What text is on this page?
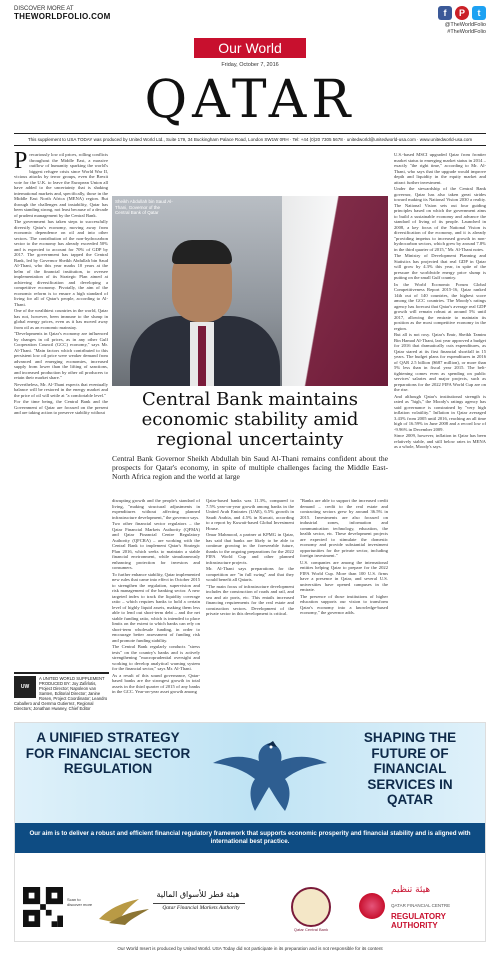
DISCOVER MORE AT
THEWORLDFOLIO.COM	f	P	t
@TheWorldFolio
#TheWorldFolio
Our World
Friday, October 7, 2016
QATAR
This supplement to USA TODAY was produced by United World Ltd., Suite 179, 34 Buckingham Palace Road, London SW1W 0RH · Tel: +44 (0)20 7305 5678 · unitedworld@unitedworld-usa.com · www.unitedworld-usa.com
P recariously low oil prices, rolling conflicts throughout the Middle East, a massive outflow of humanity sparking the world's biggest refugee crisis since World War II, vicious attacks by terror groups, even the Brexit vote for the U.K. to leave the European Union all have added to the uncertainty that is shaking international markets and, specifically, those in the Middle East North Africa (MENA) region. But through the challenges and instability, Qatar has been standing strong, not least because of a decade of prudent management by the Central Bank.

The government has taken steps to successfully diversify Qatar's economy, moving away from economic dependence on oil and into other sectors. The contribution of the non-hydrocarbon sector to the economy has already exceeded 50% and is expected to account for 70% of GDP by 2017. The government has tapped the Central Bank, led by Governor Sheikh Abdullah bin Saud Al-Thani, who this year marks 10 years at the helm of the financial institution, to oversee implementation of its Strategic Plan aimed at achieving diversification and developing a competitive economy. Pivotally, the aim of the economic reform is to ensure a high standard of living for all of Qatar's people, according to Al-Thani.

One of the wealthiest countries in the world, Qatar has not, however, been immune to the slump in global energy prices, even as it has moved away from oil as an economic mainstay.

"Developments in Qatar's economy are influenced by changes in oil prices, as in any other Gulf Cooperation Council (GCC) economy," says Mr. Al-Thani. "Main factors which contributed to this persistent low oil price were weaker demand from advanced and emerging economies, increased supply from lower than the lifting of sanctions, and increased production by other oil producers to retain their market share."

Nevertheless, Mr. Al-Thani expects that eventually balance will be restored in the energy market and the price of oil will settle at "a comfortable level."

For the time being, the Central Bank and the Government of Qatar are focused on the present and are taking action to preserve stability without

Sheikh Abdullah bin Saud Al-Thani, Governor of the Central Bank of Qatar
Central Bank maintains economic stability amid regional uncertainty
Central Bank Governor Sheikh Abdullah bin Saud Al-Thani remains confident about the prospects for Qatar's economy, in spite of multiple challenges facing the Middle East-North Africa region and the world at large

disrupting growth and the people's standard of living, "making structural adjustments in expenditures without affecting planned infrastructure development," the governor says.

Two other financial sector regulators – the Qatar Financial Markets Authority (QFMA) and Qatar Financial Centre Regulatory Authority (QFCRA) – are working with the Central Bank to implement Qatar's Strategic Plan 2016, which seeks to maintain a stable financial environment, while simultaneously enhancing protection for investors and consumers.

To further enhance stability, Qatar implemented new rules that came into effect in October 2015 to strengthen the regulation, supervision and risk management of the banking sector. A new targeted index to track the liquidity coverage ratio – which requires banks to hold a certain level of highly liquid assets, making them less able to lend out short-term debt – and the net stable funding ratio, which is intended to place limits on the extent to which banks can rely on short-term wholesale funding, in order to encourage better assessment of funding risk and promote funding stability.

The Central Bank regularly conducts "stress tests" on the country's banks and is actively strengthening "macroprudential oversight and working to develop analytical warning system for the financial sector," says Mr. Al-Thani.

As a result of this sound governance, Qatar-based banks are the strongest growth in total assets in the third quarter of 2015 of any banks in the GCC. Year-on-year asset growth among

Qatar-based banks was 11.3%, compared to 7.5% year-on-year growth among banks in the United Arab Emirates (UAE), 6.5% growth in Saudi Arabia, and 4.5% in Kuwait, according to a report by Kuwait-based Global Investment House.

Omar Mahmood, a partner at KPMG in Qatar, has said that banks are likely to be able to continue growing in the foreseeable future, thanks to the ongoing preparations for the 2022 FIFA World Cup and other planned infrastructure projects.

Mr. Al-Thani says preparations for the competition are "in full swing" and that they would benefit all Qataris.

"The main focus of infrastructure development includes the construction of roads and rail, and sea and air ports, etc. This entails increased financing requirements for the real estate and construction sectors. Development of the private sector in this development is critical.

"Banks are able to support the increased credit demand – credit to the real estate and contracting sectors grew by around 36.5% in 2015. Investments are also focused on industrial zones, information and communication technology, education, the health sector, etc. These development projects are expected to stimulate the domestic economy and provide substantial investment opportunities for the private sector, including foreign investment."

U.S. companies are among the international entities helping Qatar to prepare for the 2022 FIFA World Cup. More than 100 U.S. firms have a presence in Qatar, and several U.S. universities have opened campuses in the emirate.

The presence of those institutions of higher education supports our vision to transform Qatar's economy into a knowledge-based economy," the governor adds.

U.S.-based MSCI upgraded Qatar from frontier market status to emerging market status in 2014 – exactly "the right time," according to Mr. Al-Thani, who says that the upgrade would improve depth and liquidity in the equity market and attract further investment.

Under the stewardship of the Central Bank governor, Qatar has also taken great strides toward making its National Vision 2030 a reality. The National Vision sets out four guiding principles based on which the government aims to build a sustainable economy and advance the standard of living of its people. Launched in 2008, a key focus of the National Vision is diversification of the economy, and it is already "providing impetus to increased growth in non-hydrocarbon sectors, which grew by around 7.8% in the third quarter of 2015," Mr. Al-Thani notes.

The Ministry of Development Planning and Statistics has projected that real GDP in Qatar will grow by 4.3% this year, in spite of the pressure the worldwide energy price slump is putting on the small Gulf country.

In the World Economic Forum Global Competitiveness Report 2015-16, Qatar ranked 14th out of 140 countries, the highest score among the GCC countries. The Moody's ratings agency has forecast that Qatar's average real GDP growth will remain robust at around 5% until 2017, allowing the emirate to maintain its position as the most competitive economy in the region.

But all is not rosy. Qatar's Emir, Sheikh Tamim Bin Hamad Al-Thani, last year approved a budget for 2016 that dramatically cuts expenditures, as Qatar stared at its first financial shortfall in 15 years. The budget plans for expenditures in 2016 of QAR 2.5 billion ($687 million), or more than 5% less than in fiscal year 2015. The belt-tightening comes even as spending on public services' salaries and major projects, such as preparations for the 2022 FIFA World Cup are on the rise.

And although Qatar's institutional strength is rated as "high," the Moody's ratings agency has said governance is constrained by "very high inflation volatility." Inflation in Qatar averaged 3.43% from 2005 until 2016, reaching an all time high of 16.59% in June 2008 and a record low of -9.96% in December 2009.

Since 2009, however, inflation in Qatar has been relatively stable, and still below rates in MENA as a whole, Moody's says.

UW
A UNITED WORLD SUPPLEMENT PRODUCED BY: Joy Zafirlotis, Project Director; Napoleon van Santen, Editorial Director; Janine Rosen, Project Coordinator; Leandro Caballero and Gemma Gutierrez, Regional Directors; Jonathan Hwaney, Chief Editor
A UNIFIED STRATEGY FOR FINANCIAL SECTOR REGULATION
SHAPING THE FUTURE OF FINANCIAL SERVICES IN QATAR
Our aim is to deliver a robust and efficient financial regulatory framework that supports economic prosperity and financial stability and is aligned with international best practice.
Scan to discover more
هيئة قطر للأسواق المالية
Qatar Financial Markets Authority
Qatar Central Bank
هيئة تنظيم
QATAR FINANCIAL CENTRE
REGULATORY AUTHORITY
Our World Insert is produced by United World. USA Today did not participate in its preparation and is not responsible for its content
